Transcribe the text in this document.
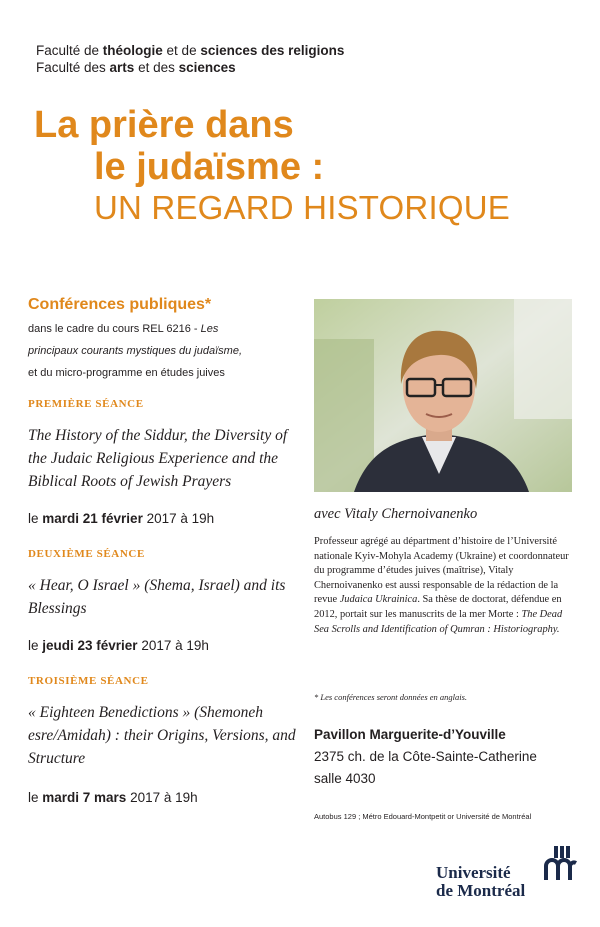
Faculté de théologie et de sciences des religions
Faculté des arts et des sciences
La prière dans
le judaïsme :
UN REGARD HISTORIQUE
Conférences publiques*
dans le cadre du cours REL 6216 - Les
principaux courants mystiques du judaïsme,
et du micro-programme en études juives
PREMIÈRE SÉANCE
The History of the Siddur, the Diversity of the Judaic Religious Experience and the Biblical Roots of Jewish Prayers
le mardi 21 février 2017 à 19h
DEUXIÈME SÉANCE
« Hear, O Israel » (Shema, Israel) and its Blessings
le jeudi 23 février 2017 à 19h
TROISIÈME SÉANCE
« Eighteen Benedictions » (Shemoneh esre/Amidah) : their Origins, Versions, and Structure
le mardi 7 mars 2017 à 19h
avec Vitaly Chernoivanenko
Professeur agrégé au départment d’histoire de l’Université nationale Kyiv-Mohyla Academy (Ukraine) et coordonnateur du programme d’études juives (maîtrise), Vitaly Chernoivanenko est aussi responsable de la rédaction de la revue Judaica Ukrainica. Sa thèse de doctorat, défendue en 2012, portait sur les manuscrits de la mer Morte : The Dead Sea Scrolls and Identification of Qumran : Historiography.
* Les conférences seront données en anglais.
Pavillon Marguerite-d’Youville
2375 ch. de la Côte-Sainte-Catherine
salle 4030
Autobus 129 ; Métro Edouard-Montpetit or Université de Montréal
Université
de Montréal
